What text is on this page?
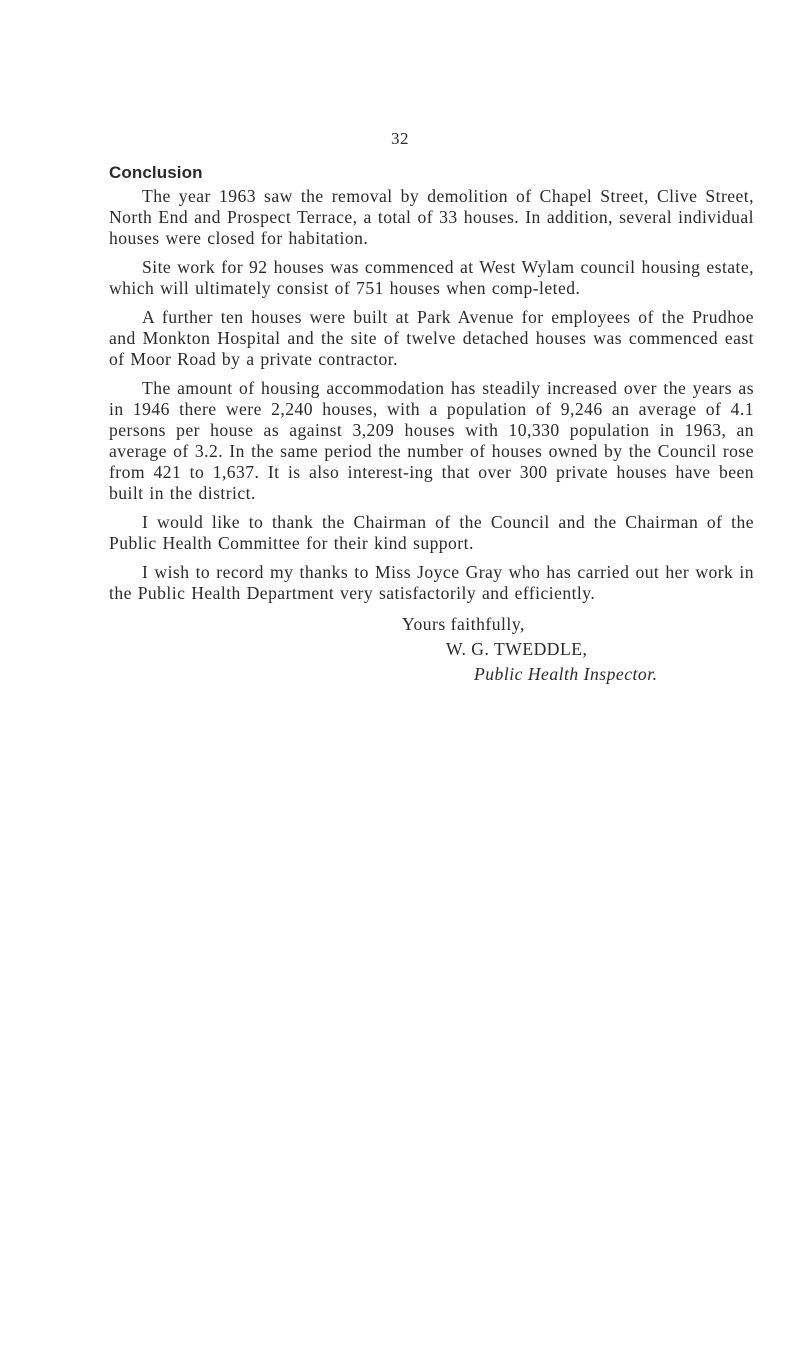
32
Conclusion

The year 1963 saw the removal by demolition of Chapel Street, Clive Street, North End and Prospect Terrace, a total of 33 houses. In addition, several individual houses were closed for habitation.

Site work for 92 houses was commenced at West Wylam council housing estate, which will ultimately consist of 751 houses when comp-leted.

A further ten houses were built at Park Avenue for employees of the Prudhoe and Monkton Hospital and the site of twelve detached houses was commenced east of Moor Road by a private contractor.

The amount of housing accommodation has steadily increased over the years as in 1946 there were 2,240 houses, with a population of 9,246 an average of 4.1 persons per house as against 3,209 houses with 10,330 population in 1963, an average of 3.2. In the same period the number of houses owned by the Council rose from 421 to 1,637. It is also interest-ing that over 300 private houses have been built in the district.

I would like to thank the Chairman of the Council and the Chairman of the Public Health Committee for their kind support.

I wish to record my thanks to Miss Joyce Gray who has carried out her work in the Public Health Department very satisfactorily and efficiently.

Yours faithfully,
W. G. TWEDDLE,
Public Health Inspector.
